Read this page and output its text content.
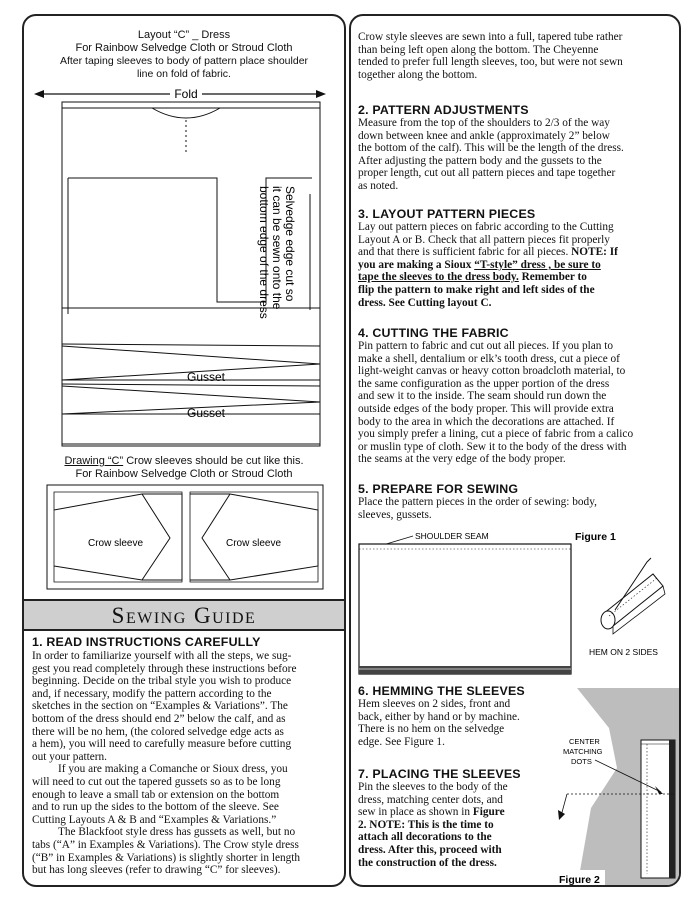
Layout “C” _ Dress
For Rainbow Selvedge Cloth or Stroud Cloth
After taping sleeves to body of pattern place shoulder
line on fold of fabric.
Fold
Gusset
Gusset
Selvedge edge cut so
it can be sewn onto the
bottom edge of the dress
Drawing “C” Crow sleeves should be cut like this.
For Rainbow Selvedge Cloth or Stroud Cloth
Crow sleeve	Crow sleeve
Sewing Guide
1. READ INSTRUCTIONS CAREFULLY
In order to familiarize yourself with all the steps, we sug-
gest you read completely through these instructions before
beginning. Decide on the tribal style you wish to produce
and, if necessary, modify the pattern according to the
sketches in the section on “Examples & Variations”. The
bottom of the dress should end 2” below the calf, and as
there will be no hem, (the colored selvedge edge acts as
a hem), you will need to carefully measure before cutting
out your pattern.
If you are making a Comanche or Sioux dress, you
will need to cut out the tapered gussets so as to be long
enough to leave a small tab or extension on the bottom
and to run up the sides to the bottom of the sleeve. See
Cutting Layouts A & B and “Examples & Variations.”
The Blackfoot style dress has gussets as well, but no
tabs (“A” in Examples & Variations). The Crow style dress
(“B” in Examples & Variations) is slightly shorter in length
but has long sleeves (refer to drawing “C” for sleeves).
Crow style sleeves are sewn into a full, tapered tube rather
than being left open along the bottom. The Cheyenne
tended to prefer full length sleeves, too, but were not sewn
together along the bottom.
2. PATTERN ADJUSTMENTS
Measure from the top of the shoulders to 2/3 of the way
down between knee and ankle (approximately 2” below
the bottom of the calf). This will be the length of the dress.
After adjusting the pattern body and the gussets to the
proper length, cut out all pattern pieces and tape together
as noted.
3. LAYOUT PATTERN PIECES
Lay out pattern pieces on fabric according to the Cutting
Layout A or B. Check that all pattern pieces fit properly
and that there is sufficient fabric for all pieces. NOTE: If
you are making a Sioux “T-style” dress , be sure to
tape the sleeves to the dress body. Remember to
flip the pattern to make right and left sides of the
dress. See Cutting layout C.
4. CUTTING THE FABRIC
Pin pattern to fabric and cut out all pieces. If you plan to
make a shell, dentalium or elk’s tooth dress, cut a piece of
light-weight canvas or heavy cotton broadcloth material, to
the same configuration as the upper portion of the dress
and sew it to the inside. The seam should run down the
outside edges of the body proper. This will provide extra
body to the area in which the decorations are attached. If
you simply prefer a lining, cut a piece of fabric from a calico
or muslin type of cloth. Sew it to the body of the dress with
the seams at the very edge of the body proper.
5. PREPARE FOR SEWING
Place the pattern pieces in the order of sewing: body,
sleeves, gussets.
Figure 1
SHOULDER SEAM
HEM ON 2 SIDES
6. HEMMING THE SLEEVES
Hem sleeves on 2 sides, front and
back, either by hand or by machine.
There is no hem on the selvedge
edge. See Figure 1.
7. PLACING THE SLEEVES
Pin the sleeves to the body of the
dress, matching center dots, and
sew in place as shown in Figure
2. NOTE: This is the time to
attach all decorations to the
dress. After this, proceed with
the construction of the dress.
CENTER
MATCHING
DOTS
Figure 2
